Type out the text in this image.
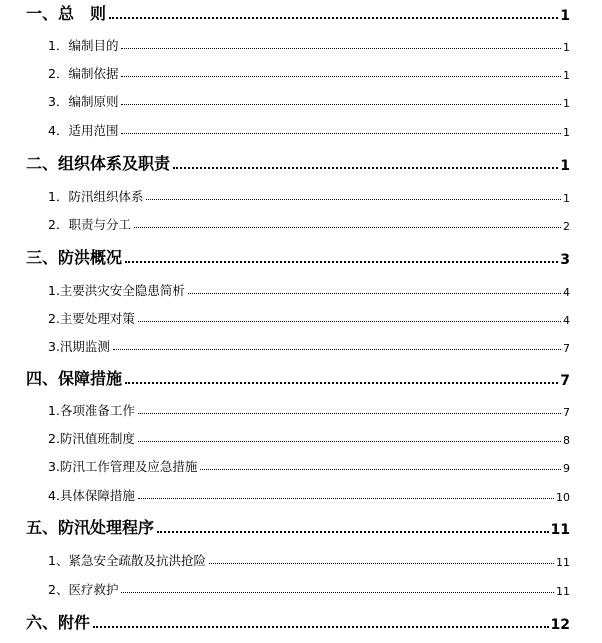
一、总　则	1
1．编制目的	1
2．编制依据	1
3．编制原则	1
4．适用范围	1
二、组织体系及职责	1
1．防汛组织体系	1
2．职责与分工	2
三、防洪概况	3
1.主要洪灾安全隐患简析	4
2.主要处理对策	4
3.汛期监测	7
四、保障措施	7
1.各项准备工作	7
2.防汛值班制度	8
3.防汛工作管理及应急措施	9
4.具体保障措施	10
五、防汛处理程序	11
1、紧急安全疏散及抗洪抢险	11
2、医疗救护	11
六、附件	12
